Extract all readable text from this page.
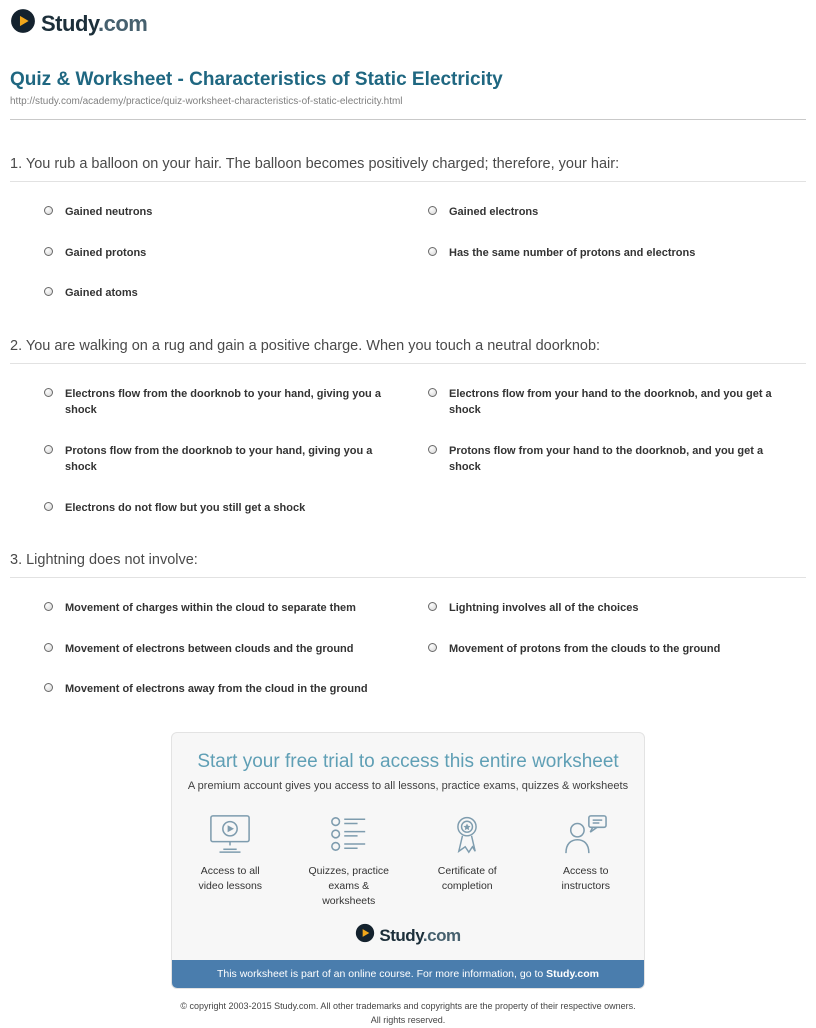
Study.com
Quiz & Worksheet - Characteristics of Static Electricity
http://study.com/academy/practice/quiz-worksheet-characteristics-of-static-electricity.html
1. You rub a balloon on your hair. The balloon becomes positively charged; therefore, your hair:
Gained neutrons	Gained electrons
Gained protons	Has the same number of protons and electrons
Gained atoms
2. You are walking on a rug and gain a positive charge. When you touch a neutral doorknob:
Electrons flow from the doorknob to your hand, giving you a shock
Electrons flow from your hand to the doorknob, and you get a shock
Protons flow from the doorknob to your hand, giving you a shock
Protons flow from your hand to the doorknob, and you get a shock
Electrons do not flow but you still get a shock
3. Lightning does not involve:
Movement of charges within the cloud to separate them	Lightning involves all of the choices
Movement of electrons between clouds and the ground	Movement of protons from the clouds to the ground
Movement of electrons away from the cloud in the ground
Start your free trial to access this entire worksheet
A premium account gives you access to all lessons, practice exams, quizzes & worksheets
Access to all
video lessons
Quizzes, practice
exams & worksheets
Certificate of
completion
Access to
instructors
Study.com
This worksheet is part of an online course. For more information, go to Study.com
© copyright 2003-2015 Study.com. All other trademarks and copyrights are the property of their respective owners.
All rights reserved.
